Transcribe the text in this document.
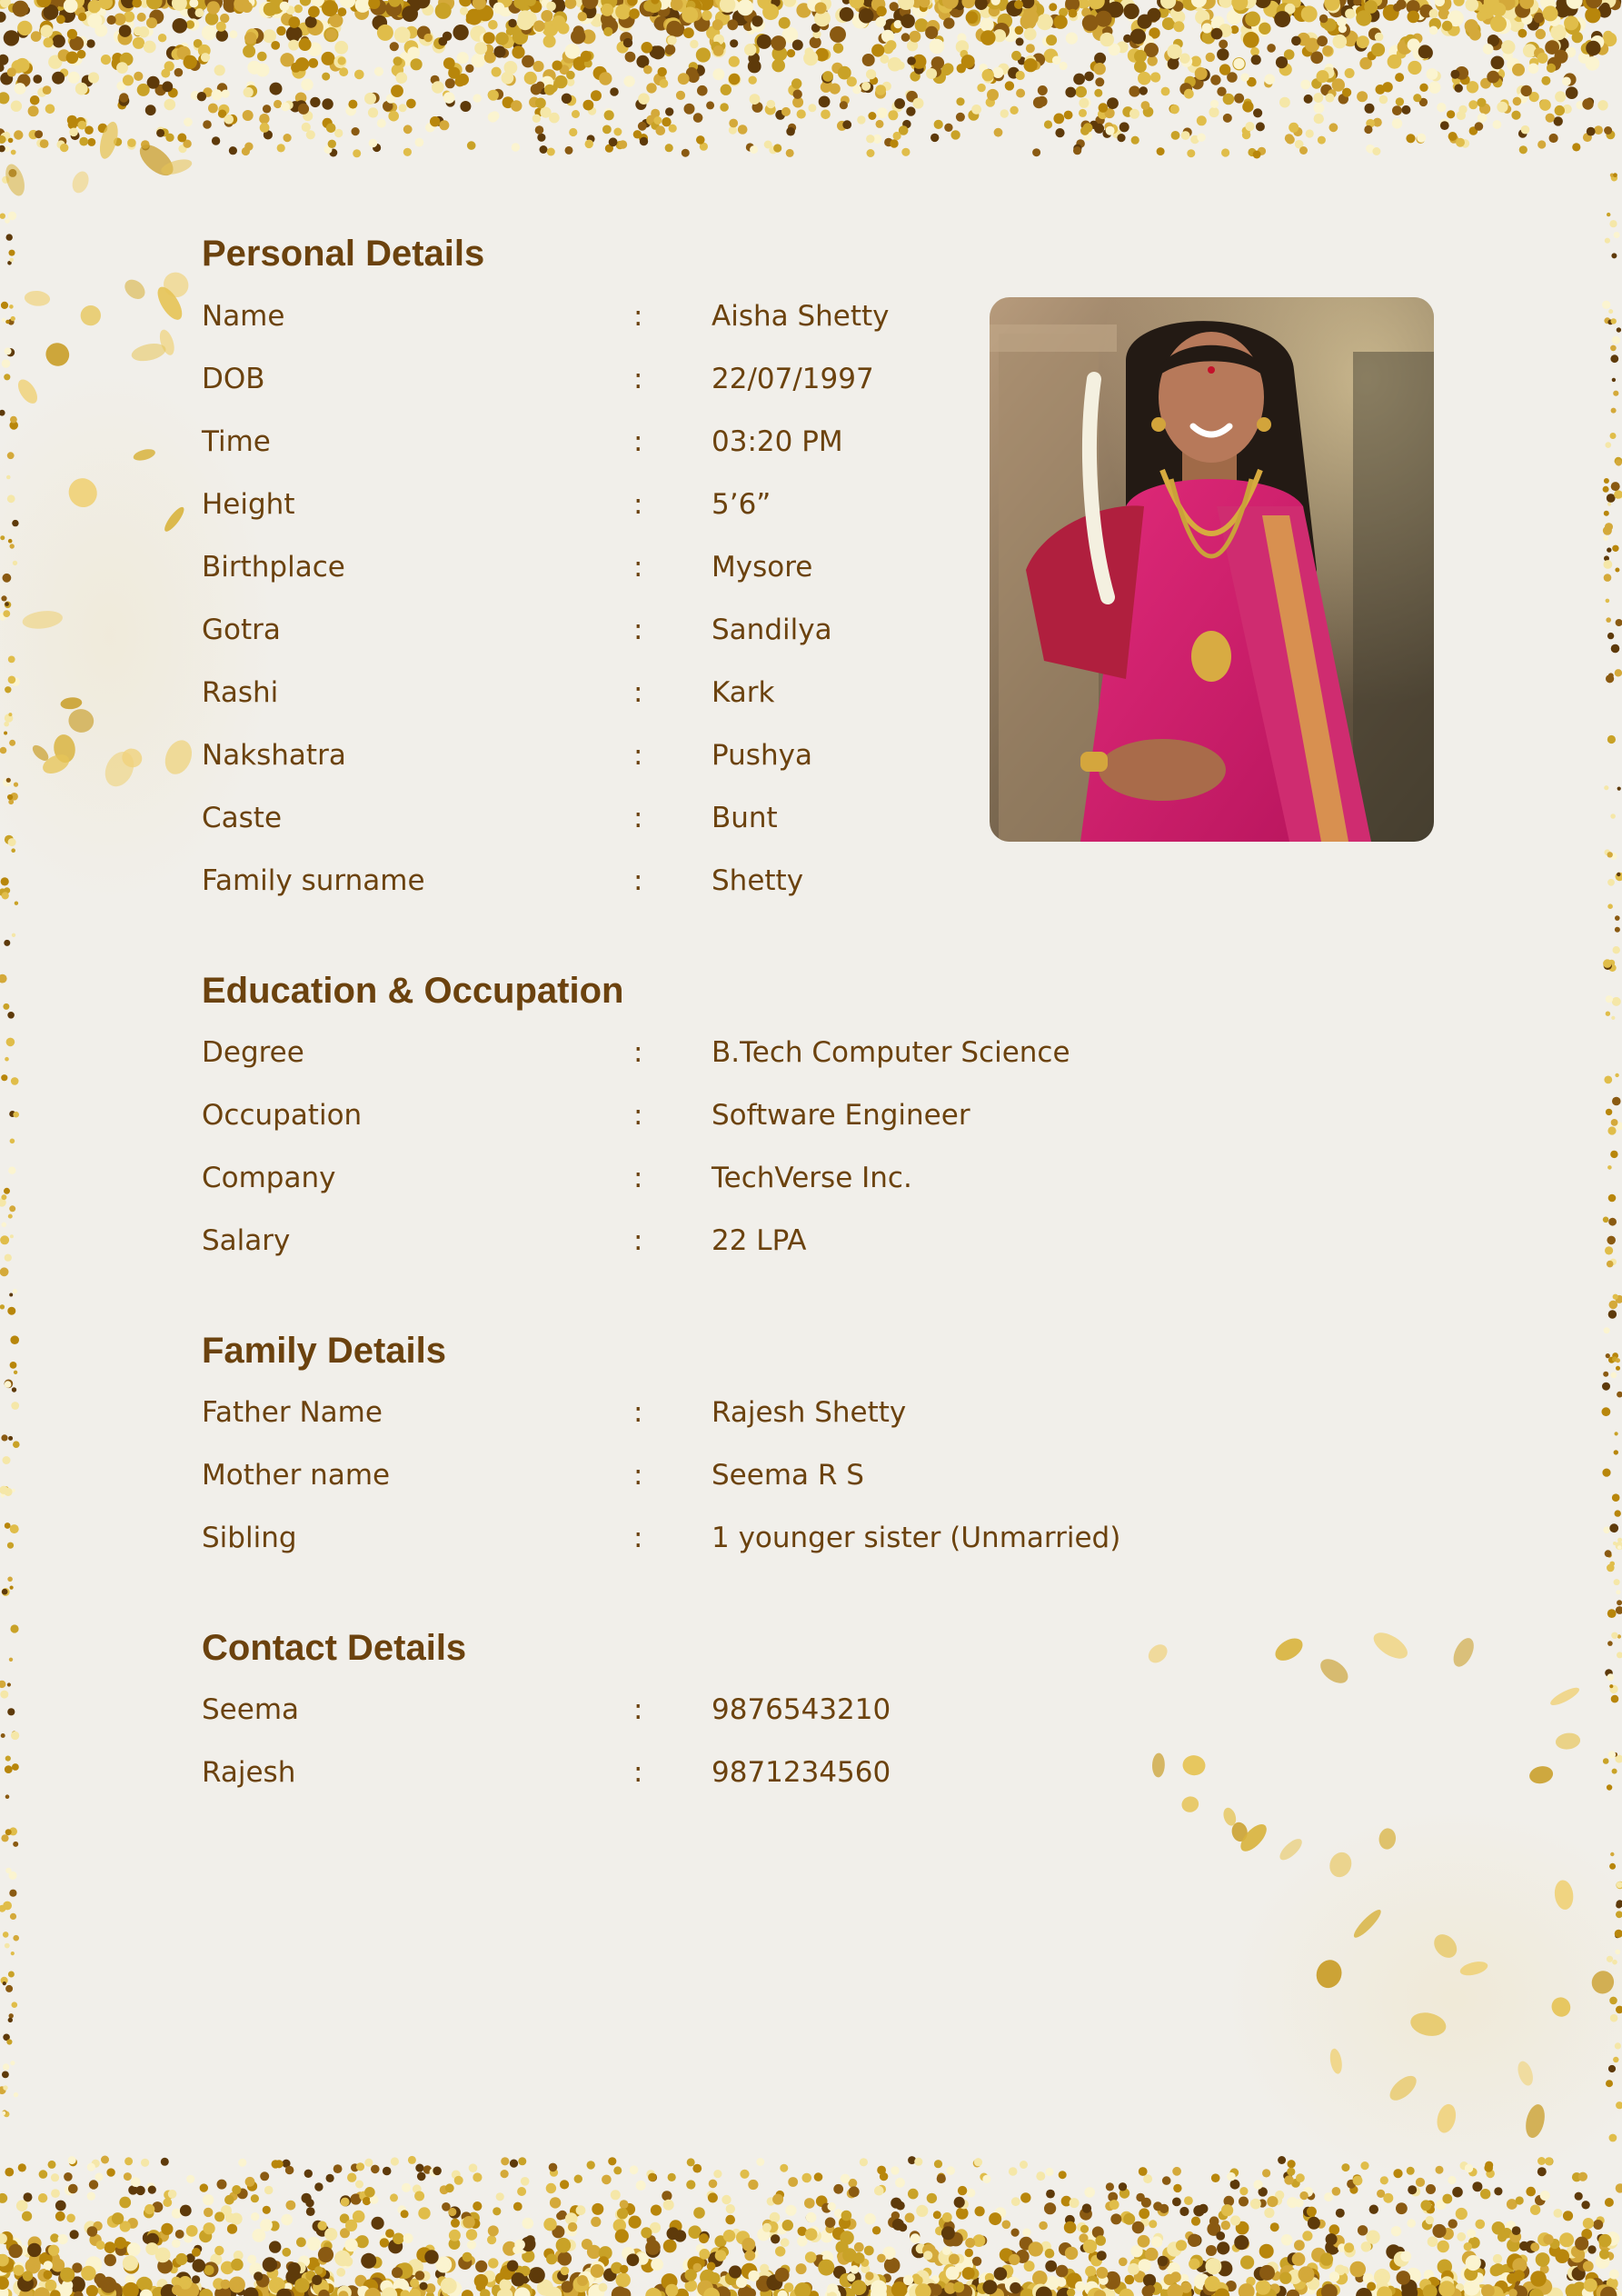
Personal Details
Name	: Aisha Shetty
DOB	: 22/07/1997
Time	: 03:20 PM
Height	: 5’6”
Birthplace	: Mysore
Gotra	: Sandilya
Rashi	: Kark
Nakshatra	: Pushya
Caste	: Bunt
Family surname	: Shetty
Education & Occupation
Degree	: B.Tech Computer Science
Occupation	: Software Engineer
Company	: TechVerse Inc.
Salary	: 22 LPA
Family Details
Father Name	: Rajesh Shetty
Mother name	: Seema R S
Sibling	: 1 younger sister (Unmarried)
Contact Details
Seema	: 9876543210
Rajesh	: 9871234560
